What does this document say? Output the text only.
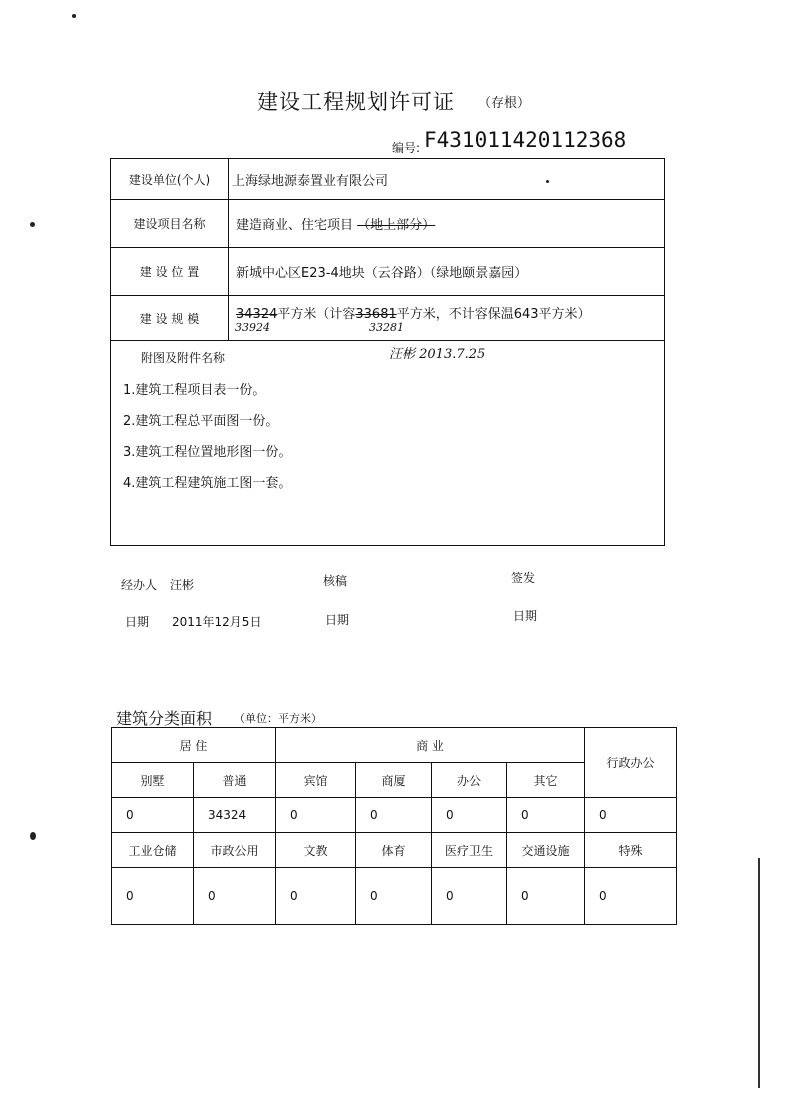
建设工程规划许可证 （存根）
编号: F4310114201123​68
建设单位(个人)	上海绿地源泰置业有限公司
建设项目名称	建造商业、住宅项目 （地上部分）
建 设 位 置	新城中心区E23-4地块（云谷路）（绿地颐景嘉园）
建 设 规 模	34324平方米（计容33681平方米，不计容保温643平方米）
33924	33281
汪彬 2013.7.25
附图及附件名称
1.建筑工程项目表一份。
2.建筑工程总平面图一份。
3.建筑工程位置地形图一份。
4.建筑工程建筑施工图一套。
经办人 汪彬	核稿	签发
日期 2011年12月5日	日期	日期
建筑分类面积 （单位：平方米）
居 住		商 业				行政办公
别墅	普通	宾馆	商厦	办公	其它	
0	34324	0	0	0	0	0
工业仓储	市政公用	文教	体育	医疗卫生	交通设施	特殊
0	0	0	0	0	0	0
